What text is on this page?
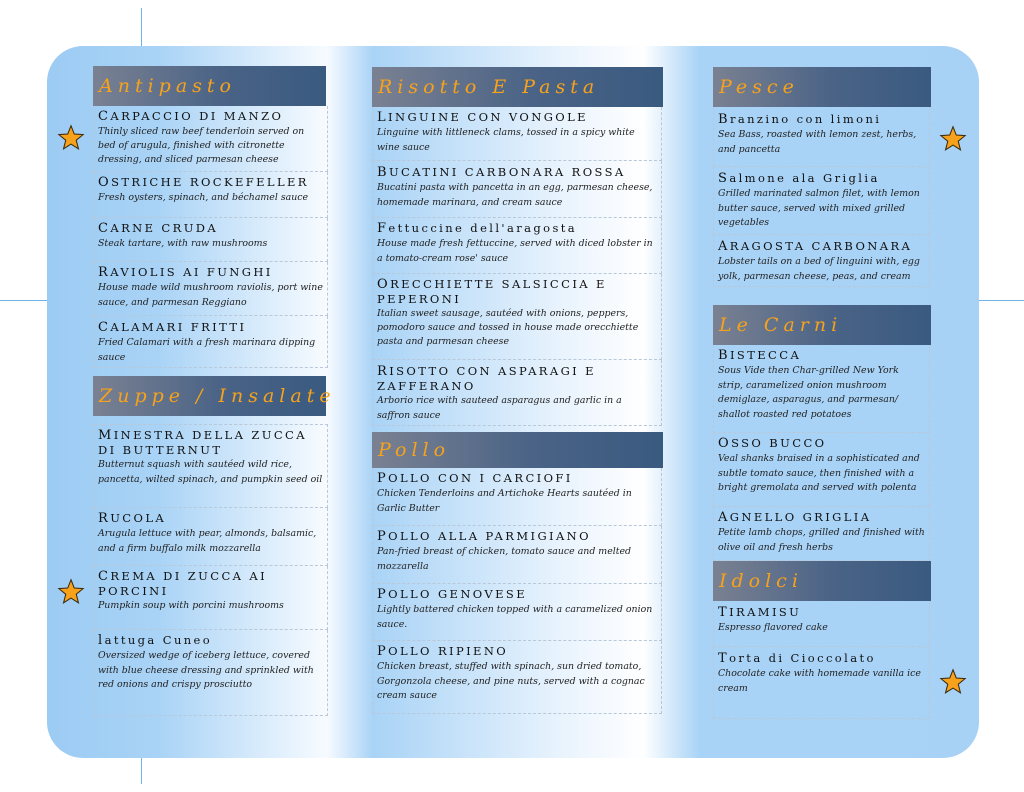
Antipasto
CARPACCIO DI MANZO
Thinly sliced raw beef tenderloin served on bed of arugula, finished with citronette dressing, and sliced parmesan cheese
OSTRICHE ROCKEFELLER
Fresh oysters, spinach, and béchamel sauce
CARNE CRUDA
Steak tartare, with raw mushrooms
RAVIOLIS AI FUNGHI
House made wild mushroom raviolis, port wine sauce, and parmesan Reggiano
CALAMARI FRITTI
Fried Calamari with a fresh marinara dipping sauce
Zuppe / Insalate
MINESTRA DELLA ZUCCA DI BUTTERNUT
Butternut squash with sautéed wild rice, pancetta, wilted spinach, and pumpkin seed oil
RUCOLA
Arugula lettuce with pear, almonds, balsamic, and a firm buffalo milk mozzarella
CREMA DI ZUCCA AI PORCINI
Pumpkin soup with porcini mushrooms
lattuga Cuneo
Oversized wedge of iceberg lettuce, covered with blue cheese dressing and sprinkled with red onions and crispy prosciutto
Risotto E Pasta
LINGUINE CON VONGOLE
Linguine with littleneck clams, tossed in a spicy white wine sauce
BUCATINI CARBONARA ROSSA
Bucatini pasta with pancetta in an egg, parmesan cheese, homemade marinara, and cream sauce
Fettuccine dell'aragosta
House made fresh fettuccine, served with diced lobster in a tomato-cream rose' sauce
ORECCHIETTE SALSICCIA E PEPERONI
Italian sweet sausage, sautéed with onions, peppers, pomodoro sauce and tossed in house made orecchiette pasta and parmesan cheese
RISOTTO CON ASPARAGI E ZAFFERANO
Arborio rice with sauteed asparagus and garlic in a saffron sauce
Pollo
POLLO CON I CARCIOFI
Chicken Tenderloins and Artichoke Hearts sautéed in Garlic Butter
POLLO ALLA PARMIGIANO
Pan-fried breast of chicken, tomato sauce and melted mozzarella
POLLO GENOVESE
Lightly battered chicken topped with a caramelized onion sauce.
POLLO RIPIENO
Chicken breast, stuffed with spinach, sun dried tomato, Gorgonzola cheese, and pine nuts, served with a cognac cream sauce
Pesce
Branzino con limoni
Sea Bass, roasted with lemon zest, herbs, and pancetta
Salmone ala Griglia
Grilled marinated salmon filet, with lemon butter sauce, served with mixed grilled vegetables
ARAGOSTA CARBONARA
Lobster tails on a bed of linguini with, egg yolk, parmesan cheese, peas, and cream
Le Carni
BISTECCA
Sous Vide then Char-grilled New York strip, caramelized onion mushroom demiglaze, asparagus, and parmesan/ shallot roasted red potatoes
OSSO BUCCO
Veal shanks braised in a sophisticated and subtle tomato sauce, then finished with a bright gremolata and served with polenta
AGNELLO GRIGLIA
Petite lamb chops, grilled and finished with olive oil and fresh herbs
Idolci
TIRAMISU
Espresso flavored cake
Torta di Cioccolato
Chocolate cake with homemade vanilla ice cream
